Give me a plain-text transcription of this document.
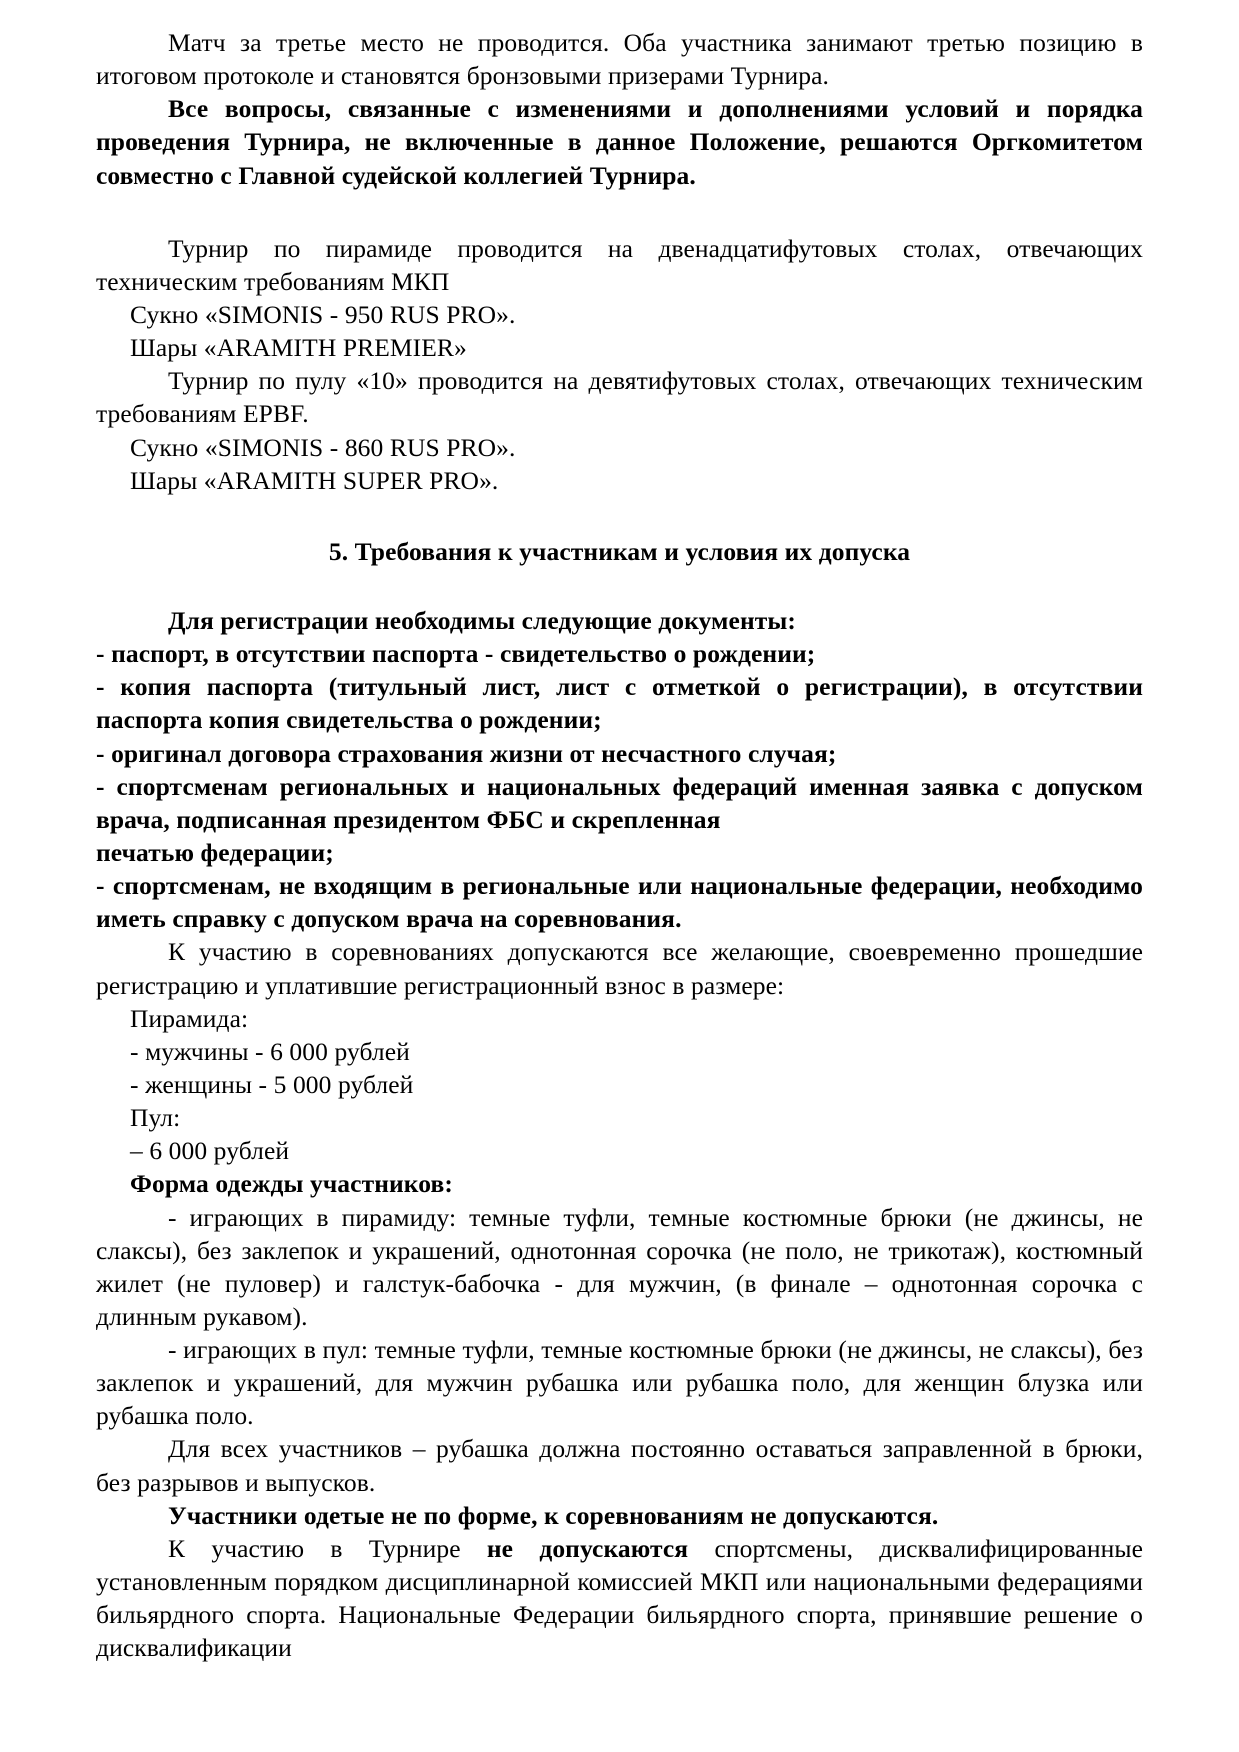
Матч за третье место не проводится. Оба участника занимают третью позицию в итоговом протоколе и становятся бронзовыми призерами Турнира.

Все вопросы, связанные с изменениями и дополнениями условий и порядка проведения Турнира, не включенные в данное Положение, решаются Оргкомитетом совместно с Главной судейской коллегией Турнира.

Турнир по пирамиде проводится на двенадцатифутовых столах, отвечающих техническим требованиям МКП

Сукно «SIMONIS - 950 RUS PRO».

Шары «ARAMITH PREMIER»

Турнир по пулу «10» проводится на девятифутовых столах, отвечающих техническим требованиям EPBF.

Сукно «SIMONIS - 860 RUS PRO».

Шары «ARAMITH SUPER PRO».

5. Требования к участникам и условия их допуска

Для регистрации необходимы следующие документы:

- паспорт, в отсутствии паспорта - свидетельство о рождении;

- копия паспорта (титульный лист, лист с отметкой о регистрации), в отсутствии паспорта копия свидетельства о рождении;

- оригинал договора страхования жизни от несчастного случая;

- спортсменам региональных и национальных федераций именная заявка с допуском врача, подписанная президентом ФБС и скрепленная

печатью федерации;

- спортсменам, не входящим в региональные или национальные федерации, необходимо иметь справку с допуском врача на соревнования.

К участию в соревнованиях допускаются все желающие, своевременно прошедшие регистрацию и уплатившие регистрационный взнос в размере:

Пирамида:

- мужчины - 6 000 рублей

- женщины - 5 000 рублей

Пул:

– 6 000 рублей

Форма одежды участников:

- играющих в пирамиду: темные туфли, темные костюмные брюки (не джинсы, не слаксы), без заклепок и украшений, однотонная сорочка (не поло, не трикотаж), костюмный жилет (не пуловер) и галстук-бабочка - для мужчин, (в финале – однотонная сорочка с длинным рукавом).

- играющих в пул: темные туфли, темные костюмные брюки (не джинсы, не слаксы), без заклепок и украшений, для мужчин рубашка или рубашка поло, для женщин блузка или рубашка поло.

Для всех участников – рубашка должна постоянно оставаться заправленной в брюки, без разрывов и выпусков.

Участники одетые не по форме, к соревнованиям не допускаются.

К участию в Турнире не допускаются спортсмены, дисквалифицированные установленным порядком дисциплинарной комиссией МКП или национальными федерациями бильярдного спорта. Национальные Федерации бильярдного спорта, принявшие решение о дисквалификации
